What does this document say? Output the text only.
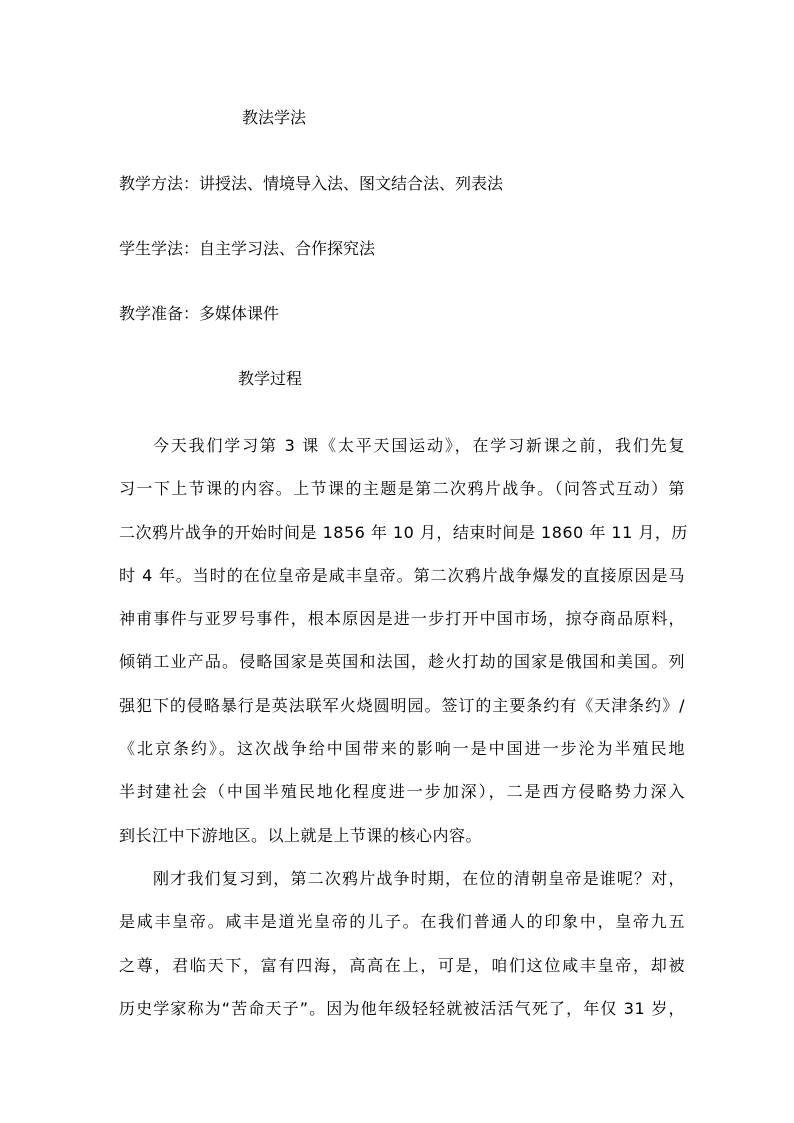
教法学法
教学方法：讲授法、情境导入法、图文结合法、列表法
学生学法：自主学习法、合作探究法
教学准备：多媒体课件
教学过程
今天我们学习第 3 课《太平天国运动》，在学习新课之前，我们先复
习一下上节课的内容。上节课的主题是第二次鸦片战争。（问答式互动）第
二次鸦片战争的开始时间是 1856 年 10 月，结束时间是 1860 年 11 月，历
时 4 年。当时的在位皇帝是咸丰皇帝。第二次鸦片战争爆发的直接原因是马
神甫事件与亚罗号事件，根本原因是进一步打开中国市场，掠夺商品原料，
倾销工业产品。侵略国家是英国和法国，趁火打劫的国家是俄国和美国。列
强犯下的侵略暴行是英法联军火烧圆明园。签订的主要条约有《天津条约》/
《北京条约》。这次战争给中国带来的影响一是中国进一步沦为半殖民地
半封建社会（中国半殖民地化程度进一步加深），二是西方侵略势力深入
到长江中下游地区。以上就是上节课的核心内容。
刚才我们复习到，第二次鸦片战争时期，在位的清朝皇帝是谁呢？对，
是咸丰皇帝。咸丰是道光皇帝的儿子。在我们普通人的印象中，皇帝九五
之尊，君临天下，富有四海，高高在上，可是，咱们这位咸丰皇帝，却被
历史学家称为“苦命天子”。因为他年级轻轻就被活活气死了，年仅 31 岁，
